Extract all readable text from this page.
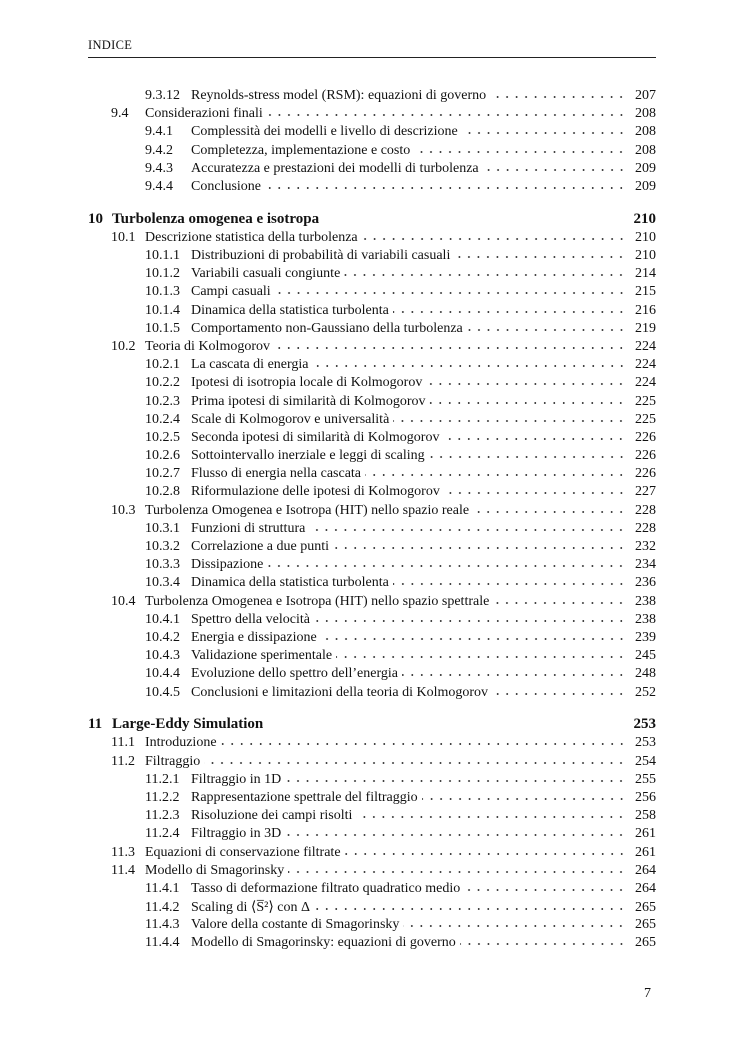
INDICE
9.3.12 Reynolds-stress model (RSM): equazioni di governo	207
9.4	Considerazioni finali	208
9.4.1	Complessità dei modelli e livello di descrizione	208
9.4.2	Completezza, implementazione e costo	208
9.4.3	Accuratezza e prestazioni dei modelli di turbolenza	209
9.4.4	Conclusione	209
10 Turbolenza omogenea e isotropa	210
10.1 Descrizione statistica della turbolenza	210
10.1.1 Distribuzioni di probabilità di variabili casuali	210
10.1.2 Variabili casuali congiunte	214
10.1.3 Campi casuali	215
10.1.4 Dinamica della statistica turbolenta	216
10.1.5 Comportamento non-Gaussiano della turbolenza	219
10.2 Teoria di Kolmogorov	224
10.2.1 La cascata di energia	224
10.2.2 Ipotesi di isotropia locale di Kolmogorov	224
10.2.3 Prima ipotesi di similarità di Kolmogorov	225
10.2.4 Scale di Kolmogorov e universalità	225
10.2.5 Seconda ipotesi di similarità di Kolmogorov	226
10.2.6 Sottointervallo inerziale e leggi di scaling	226
10.2.7 Flusso di energia nella cascata	226
10.2.8 Riformulazione delle ipotesi di Kolmogorov	227
10.3 Turbolenza Omogenea e Isotropa (HIT) nello spazio reale	228
10.3.1 Funzioni di struttura	228
10.3.2 Correlazione a due punti	232
10.3.3 Dissipazione	234
10.3.4 Dinamica della statistica turbolenta	236
10.4 Turbolenza Omogenea e Isotropa (HIT) nello spazio spettrale	238
10.4.1 Spettro della velocità	238
10.4.2 Energia e dissipazione	239
10.4.3 Validazione sperimentale	245
10.4.4 Evoluzione dello spettro dell’energia	248
10.4.5 Conclusioni e limitazioni della teoria di Kolmogorov	252
11 Large-Eddy Simulation	253
11.1 Introduzione	253
11.2 Filtraggio	254
11.2.1 Filtraggio in 1D	255
11.2.2 Rappresentazione spettrale del filtraggio	256
11.2.3 Risoluzione dei campi risolti	258
11.2.4 Filtraggio in 3D	261
11.3 Equazioni di conservazione filtrate	261
11.4 Modello di Smagorinsky	264
11.4.1 Tasso di deformazione filtrato quadratico medio	264
11.4.2 Scaling di ⟨S̅²⟩ con Δ	265
11.4.3 Valore della costante di Smagorinsky	265
11.4.4 Modello di Smagorinsky: equazioni di governo	265
7
